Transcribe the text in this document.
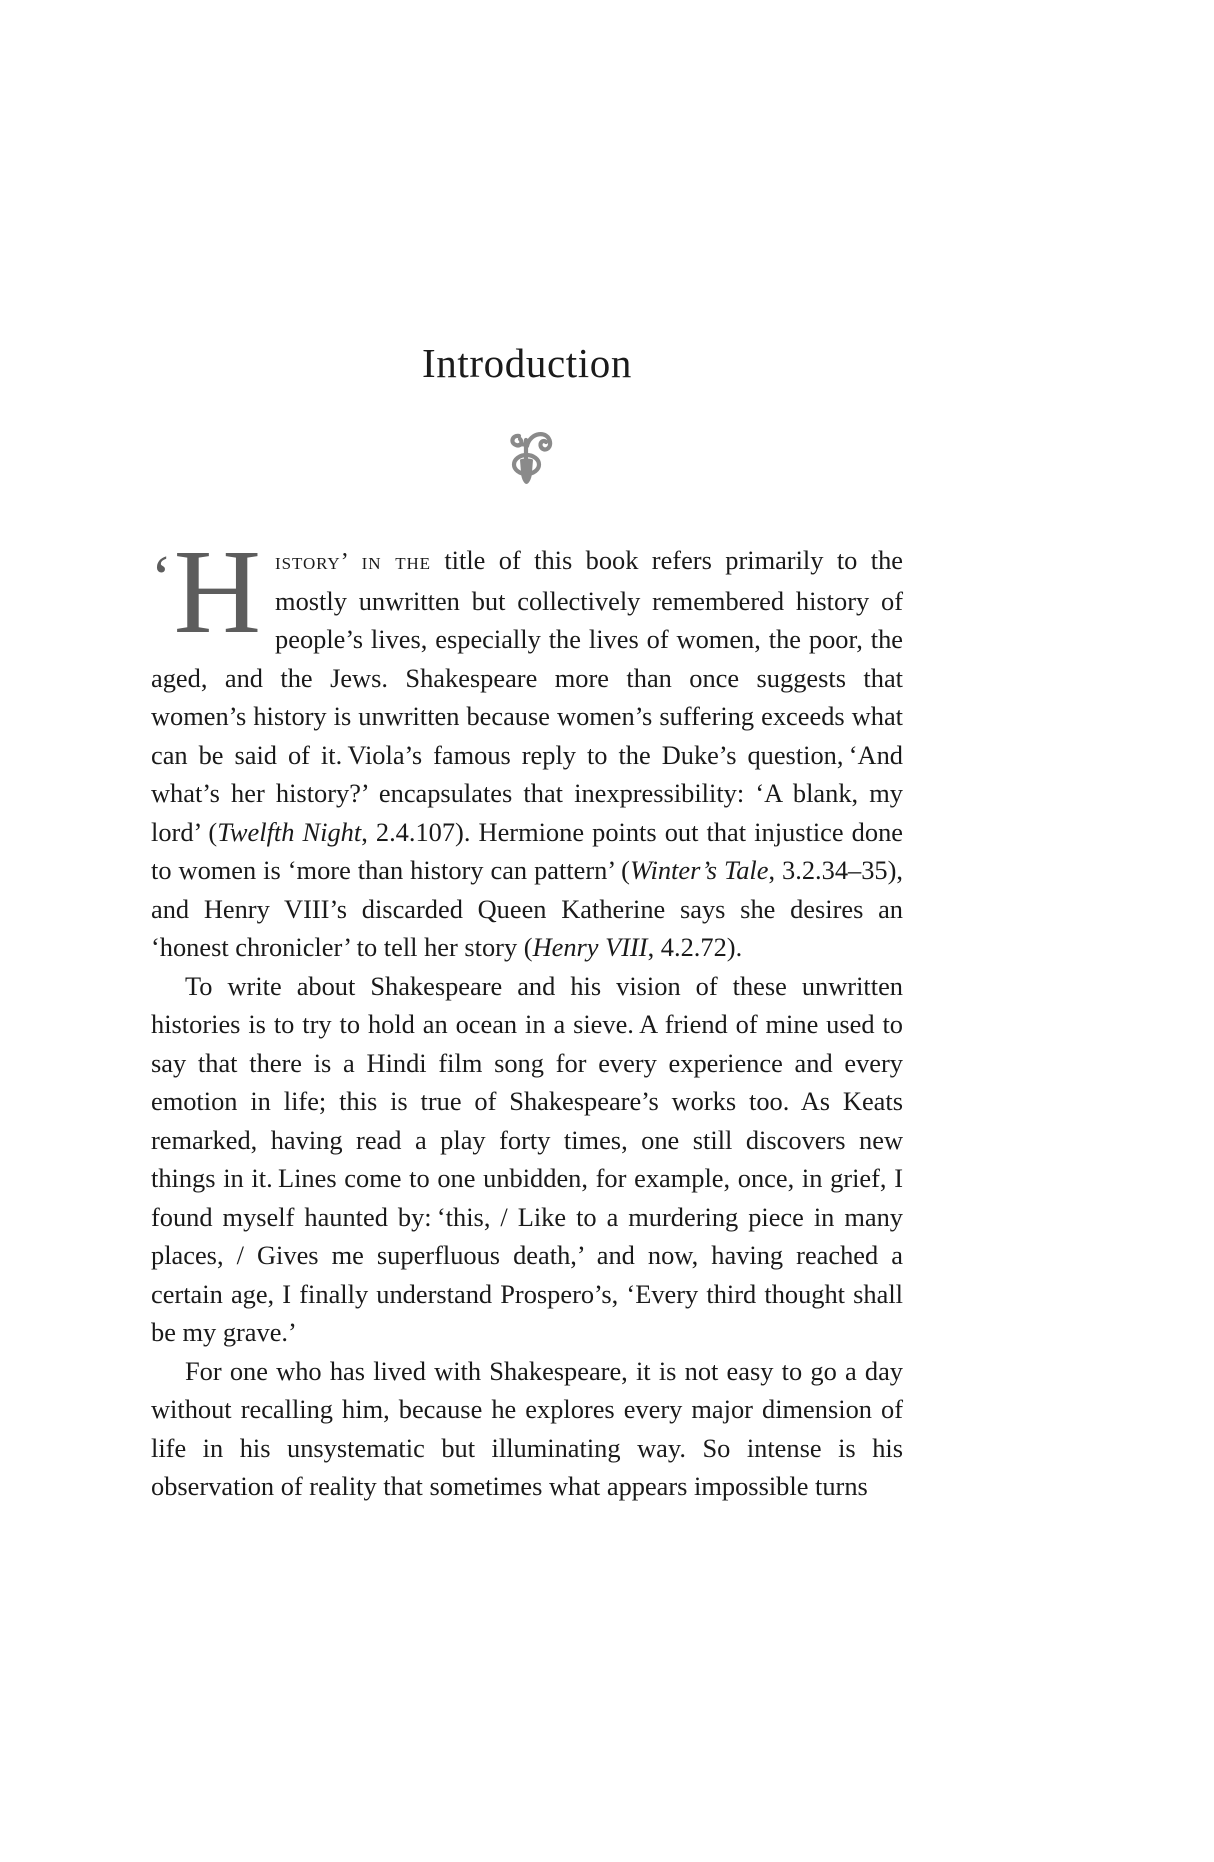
Introduction

‘ H istory’ in the title of this book refers primarily to the mostly unwritten but collectively remembered history of people’s lives, especially the lives of women, the poor, the aged, and the Jews. Shakespeare more than once suggests that women’s history is unwritten because women’s suffering exceeds what can be said of it. Viola’s famous reply to the Duke’s question, ‘And what’s her history?’ encapsulates that inexpressibility: ‘A blank, my lord’ (Twelfth Night, 2.4.107). Hermione points out that injustice done to women is ‘more than history can pattern’ (Winter’s Tale, 3.2.34–35), and Henry VIII’s discarded Queen Katherine says she desires an ‘honest chronicler’ to tell her story (Henry VIII, 4.2.72).

To write about Shakespeare and his vision of these unwritten histories is to try to hold an ocean in a sieve. A friend of mine used to say that there is a Hindi film song for every experience and every emotion in life; this is true of Shakespeare’s works too. As Keats remarked, having read a play forty times, one still discovers new things in it. Lines come to one unbidden, for example, once, in grief, I found myself haunted by: ‘this, / Like to a murdering piece in many places, / Gives me superfluous death,’ and now, having reached a certain age, I finally understand Prospero’s, ‘Every third thought shall be my grave.’

For one who has lived with Shakespeare, it is not easy to go a day without recalling him, because he explores every major dimension of life in his unsystematic but illuminating way. So intense is his observation of reality that sometimes what appears impossible turns
